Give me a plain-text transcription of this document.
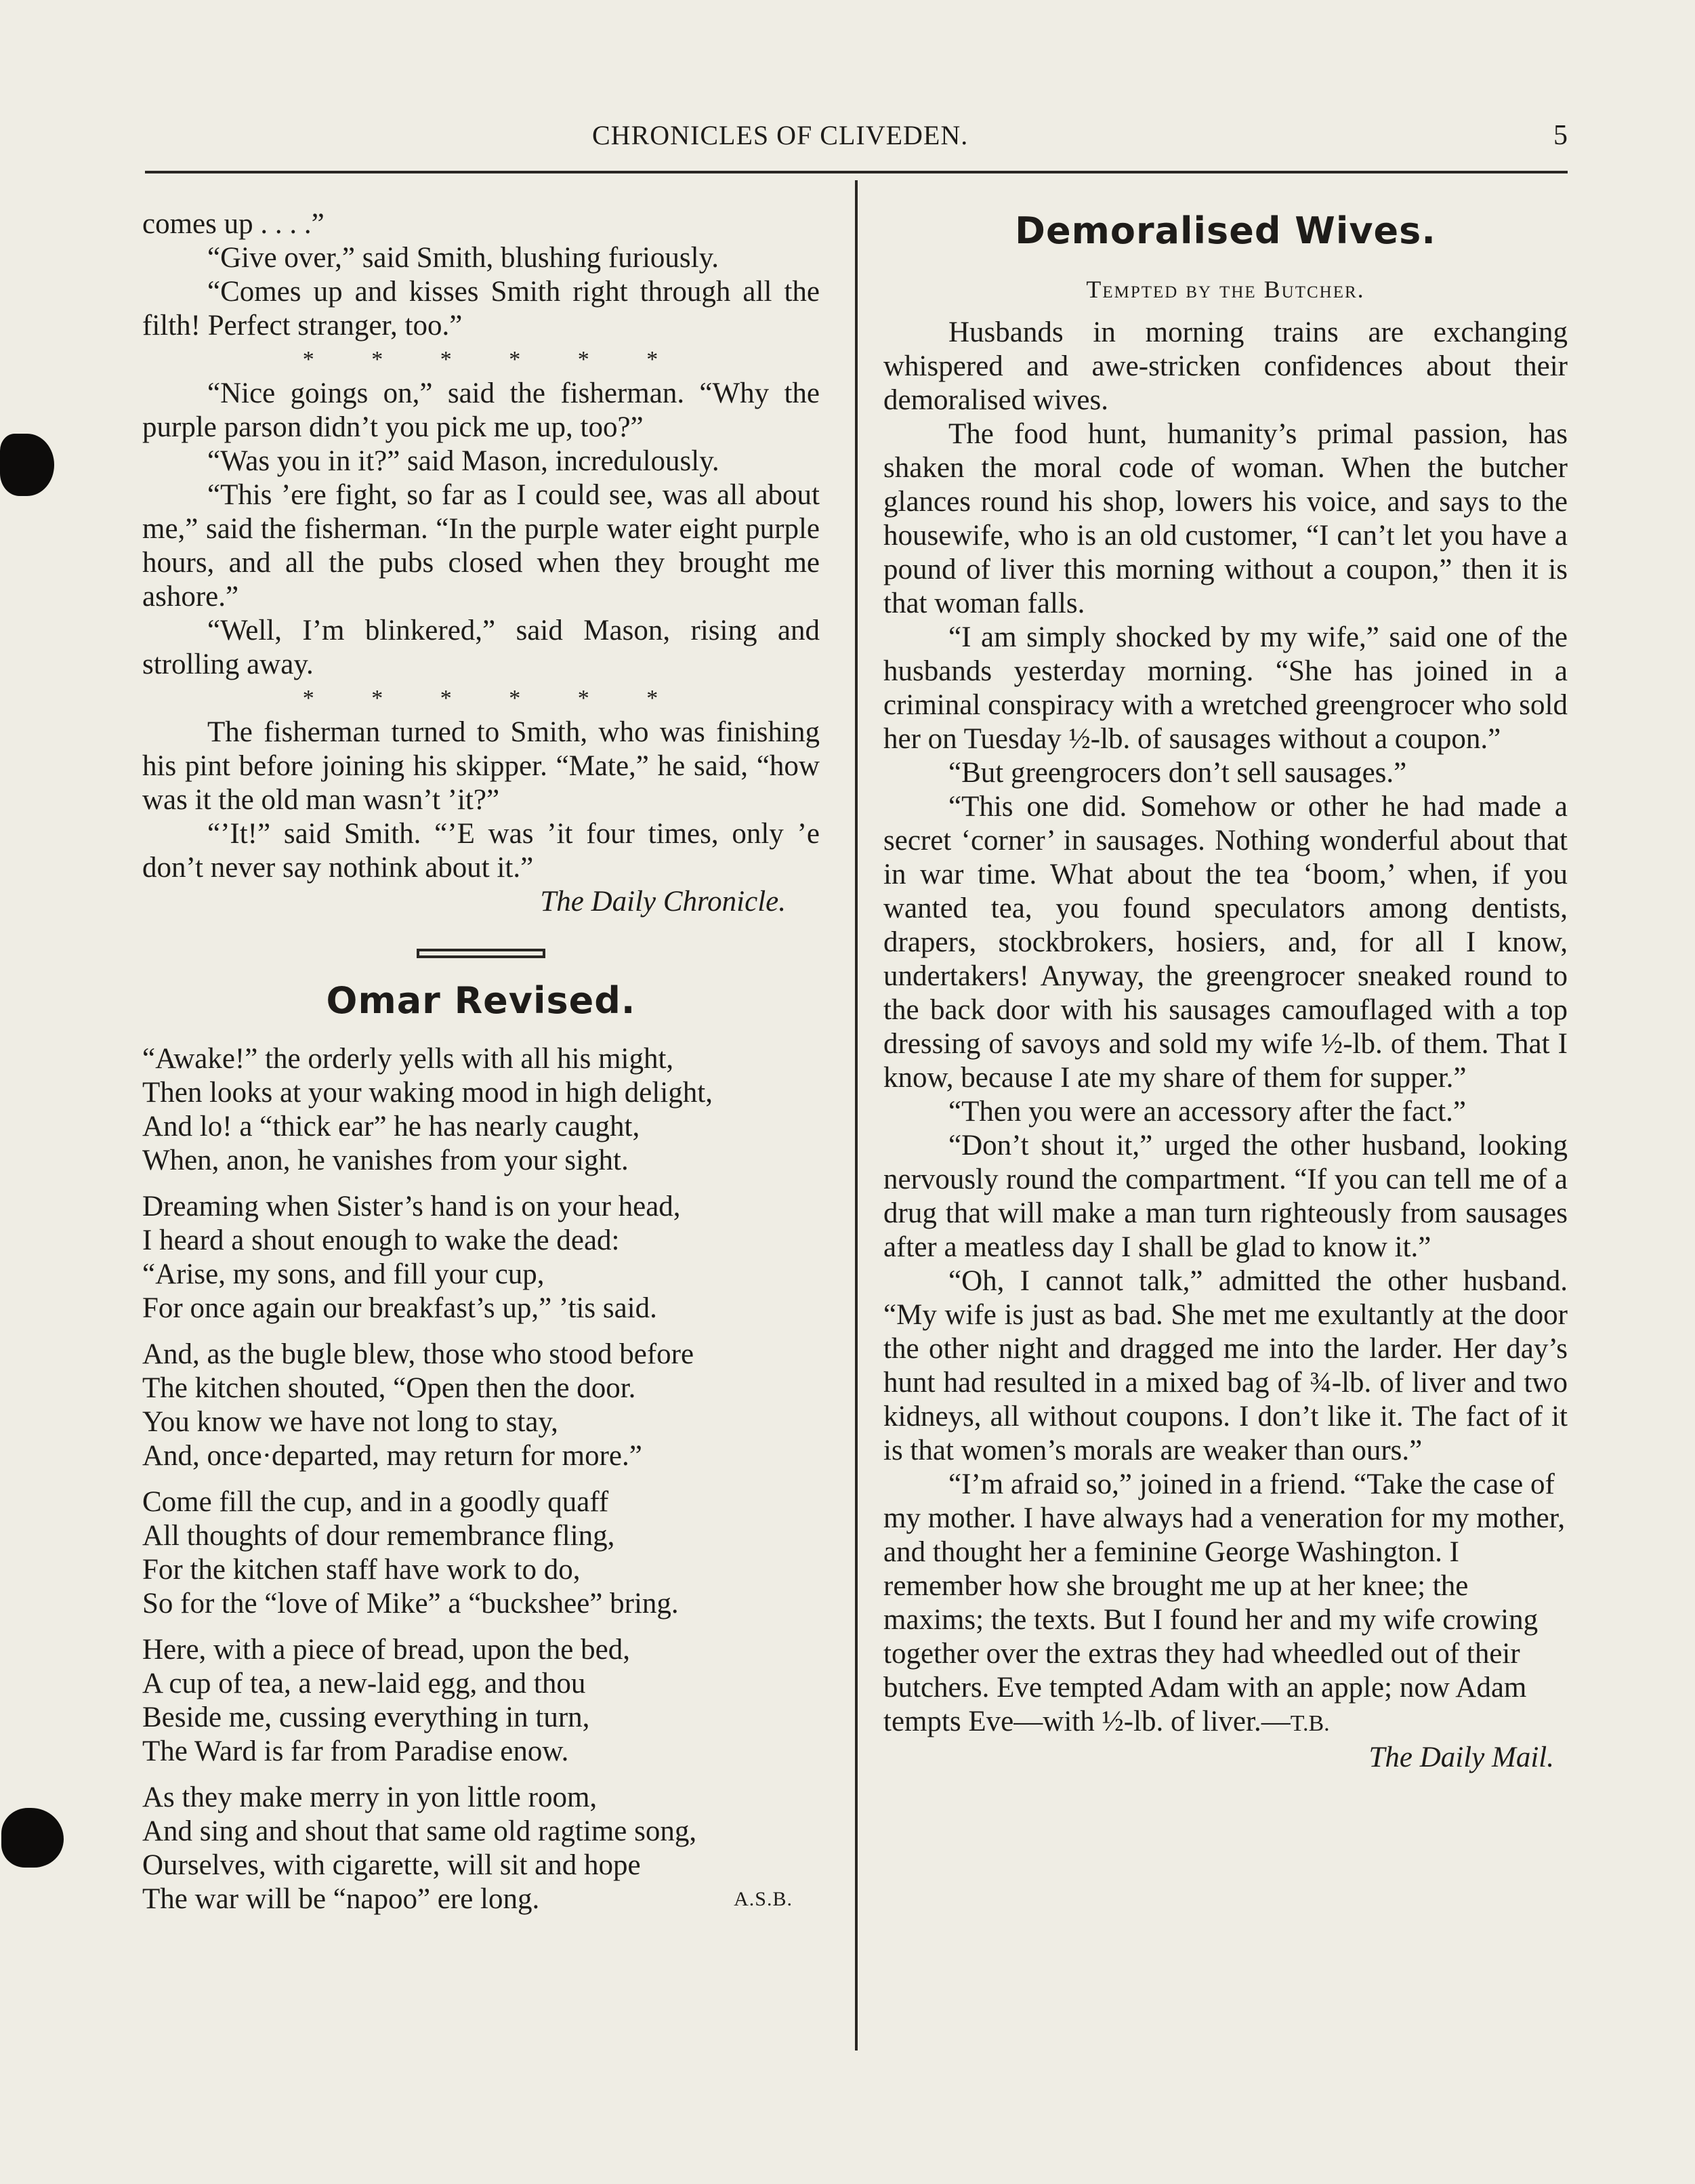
CHRONICLES OF CLIVEDEN.	5

comes up . . . .”

“Give over,” said Smith, blushing furiously.

“Comes up and kisses Smith right through all the filth! Perfect stranger, too.”

* * * * * *

“Nice goings on,” said the fisherman. “Why the purple parson didn’t you pick me up, too?”

“Was you in it?” said Mason, incredulously.

“This ’ere fight, so far as I could see, was all about me,” said the fisherman. “In the purple water eight purple hours, and all the pubs closed when they brought me ashore.”

“Well, I’m blinkered,” said Mason, rising and strolling away.

* * * * * *

The fisherman turned to Smith, who was finishing his pint before joining his skipper. “Mate,” he said, “how was it the old man wasn’t ’it?”

“’It!” said Smith. “’E was ’it four times, only ’e don’t never say nothink about it.”

The Daily Chronicle.
Omar Revised.
“Awake!” the orderly yells with all his might,
Then looks at your waking mood in high delight,
And lo! a “thick ear” he has nearly caught,
When, anon, he vanishes from your sight.
Dreaming when Sister’s hand is on your head,
I heard a shout enough to wake the dead:
“Arise, my sons, and fill your cup,
For once again our breakfast’s up,” ’tis said.
And, as the bugle blew, those who stood before
The kitchen shouted, “Open then the door.
You know we have not long to stay,
And, once·departed, may return for more.”
Come fill the cup, and in a goodly quaff
All thoughts of dour remembrance fling,
For the kitchen staff have work to do,
So for the “love of Mike” a “buckshee” bring.
Here, with a piece of bread, upon the bed,
A cup of tea, a new-laid egg, and thou
Beside me, cussing everything in turn,
The Ward is far from Paradise enow.
As they make merry in yon little room,
And sing and shout that same old ragtime song,
Ourselves, with cigarette, will sit and hope
The war will be “napoo” ere long.	A.S.B.
Demoralised Wives.
Tempted by the Butcher.

Husbands in morning trains are exchanging whispered and awe-stricken confidences about their demoralised wives.

The food hunt, humanity’s primal passion, has shaken the moral code of woman. When the butcher glances round his shop, lowers his voice, and says to the housewife, who is an old customer, “I can’t let you have a pound of liver this morning without a coupon,” then it is that woman falls.

“I am simply shocked by my wife,” said one of the husbands yesterday morning. “She has joined in a criminal conspiracy with a wretched greengrocer who sold her on Tuesday ½-lb. of sausages without a coupon.”

“But greengrocers don’t sell sausages.”

“This one did. Somehow or other he had made a secret ‘corner’ in sausages. Nothing wonderful about that in war time. What about the tea ‘boom,’ when, if you wanted tea, you found speculators among dentists, drapers, stockbrokers, hosiers, and, for all I know, undertakers! Anyway, the greengrocer sneaked round to the back door with his sausages camouflaged with a top dressing of savoys and sold my wife ½-lb. of them. That I know, because I ate my share of them for supper.”

“Then you were an accessory after the fact.”

“Don’t shout it,” urged the other husband, looking nervously round the compartment. “If you can tell me of a drug that will make a man turn righteously from sausages after a meatless day I shall be glad to know it.”

“Oh, I cannot talk,” admitted the other husband. “My wife is just as bad. She met me exultantly at the door the other night and dragged me into the larder. Her day’s hunt had resulted in a mixed bag of ¾-lb. of liver and two kidneys, all without coupons. I don’t like it. The fact of it is that women’s morals are weaker than ours.”

“I’m afraid so,” joined in a friend. “Take the case of my mother. I have always had a veneration for my mother, and thought her a feminine George Washington. I remember how she brought me up at her knee; the maxims; the texts. But I found her and my wife crowing together over the extras they had wheedled out of their butchers. Eve tempted Adam with an apple; now Adam tempts Eve—with ½-lb. of liver.—T.B.
The Daily Mail.
